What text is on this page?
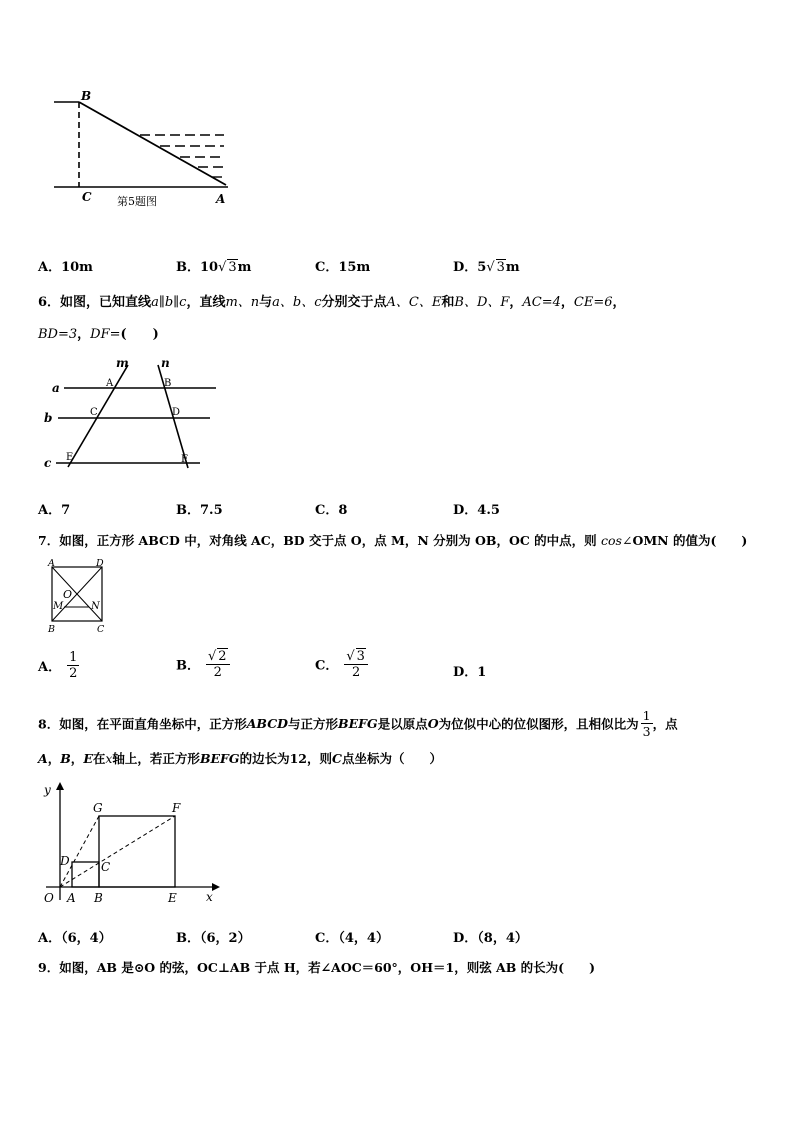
B
C	A
第5题图
A．10m	B．10√ 3m	C．15m	D．5√ 3m
6．如图，已知直线a∥b∥c，直线m、n与a、b、c分别交于点A、C、E和B、D、F，AC=4，CE=6，
BD=3，DF=(　　)
m	n
a
b
c
A	B
C	D
E	F
A．7	B．7.5	C．8	D．4.5
7．如图，正方形 ABCD 中，对角线 AC，BD 交于点 O，点 M，N 分别为 OB，OC 的中点，则 cos∠OMN 的值为(　　)
A	D
O
M	N
B	C
A． $\frac{1}{2}$	B． $\frac{√ 2}{2}$	C． $\frac{√ 3}{2}$	D．1
8．如图，在平面直角坐标中，正方形ABCD与正方形BEFG是以原点O为位似中心的位似图形，且相似比为 $\frac{1}{3}$ ，点
A，B，E在x轴上，若正方形BEFG的边长为12，则C点坐标为（　　）
y
x
O A B	E
D	C
G	F
A．（6，4）	B．（6，2）	C．（4，4）	D．（8，4）
9．如图，AB 是⊙O 的弦，OC⊥AB 于点 H，若∠AOC＝60°，OH＝1，则弦 AB 的长为(　　)
